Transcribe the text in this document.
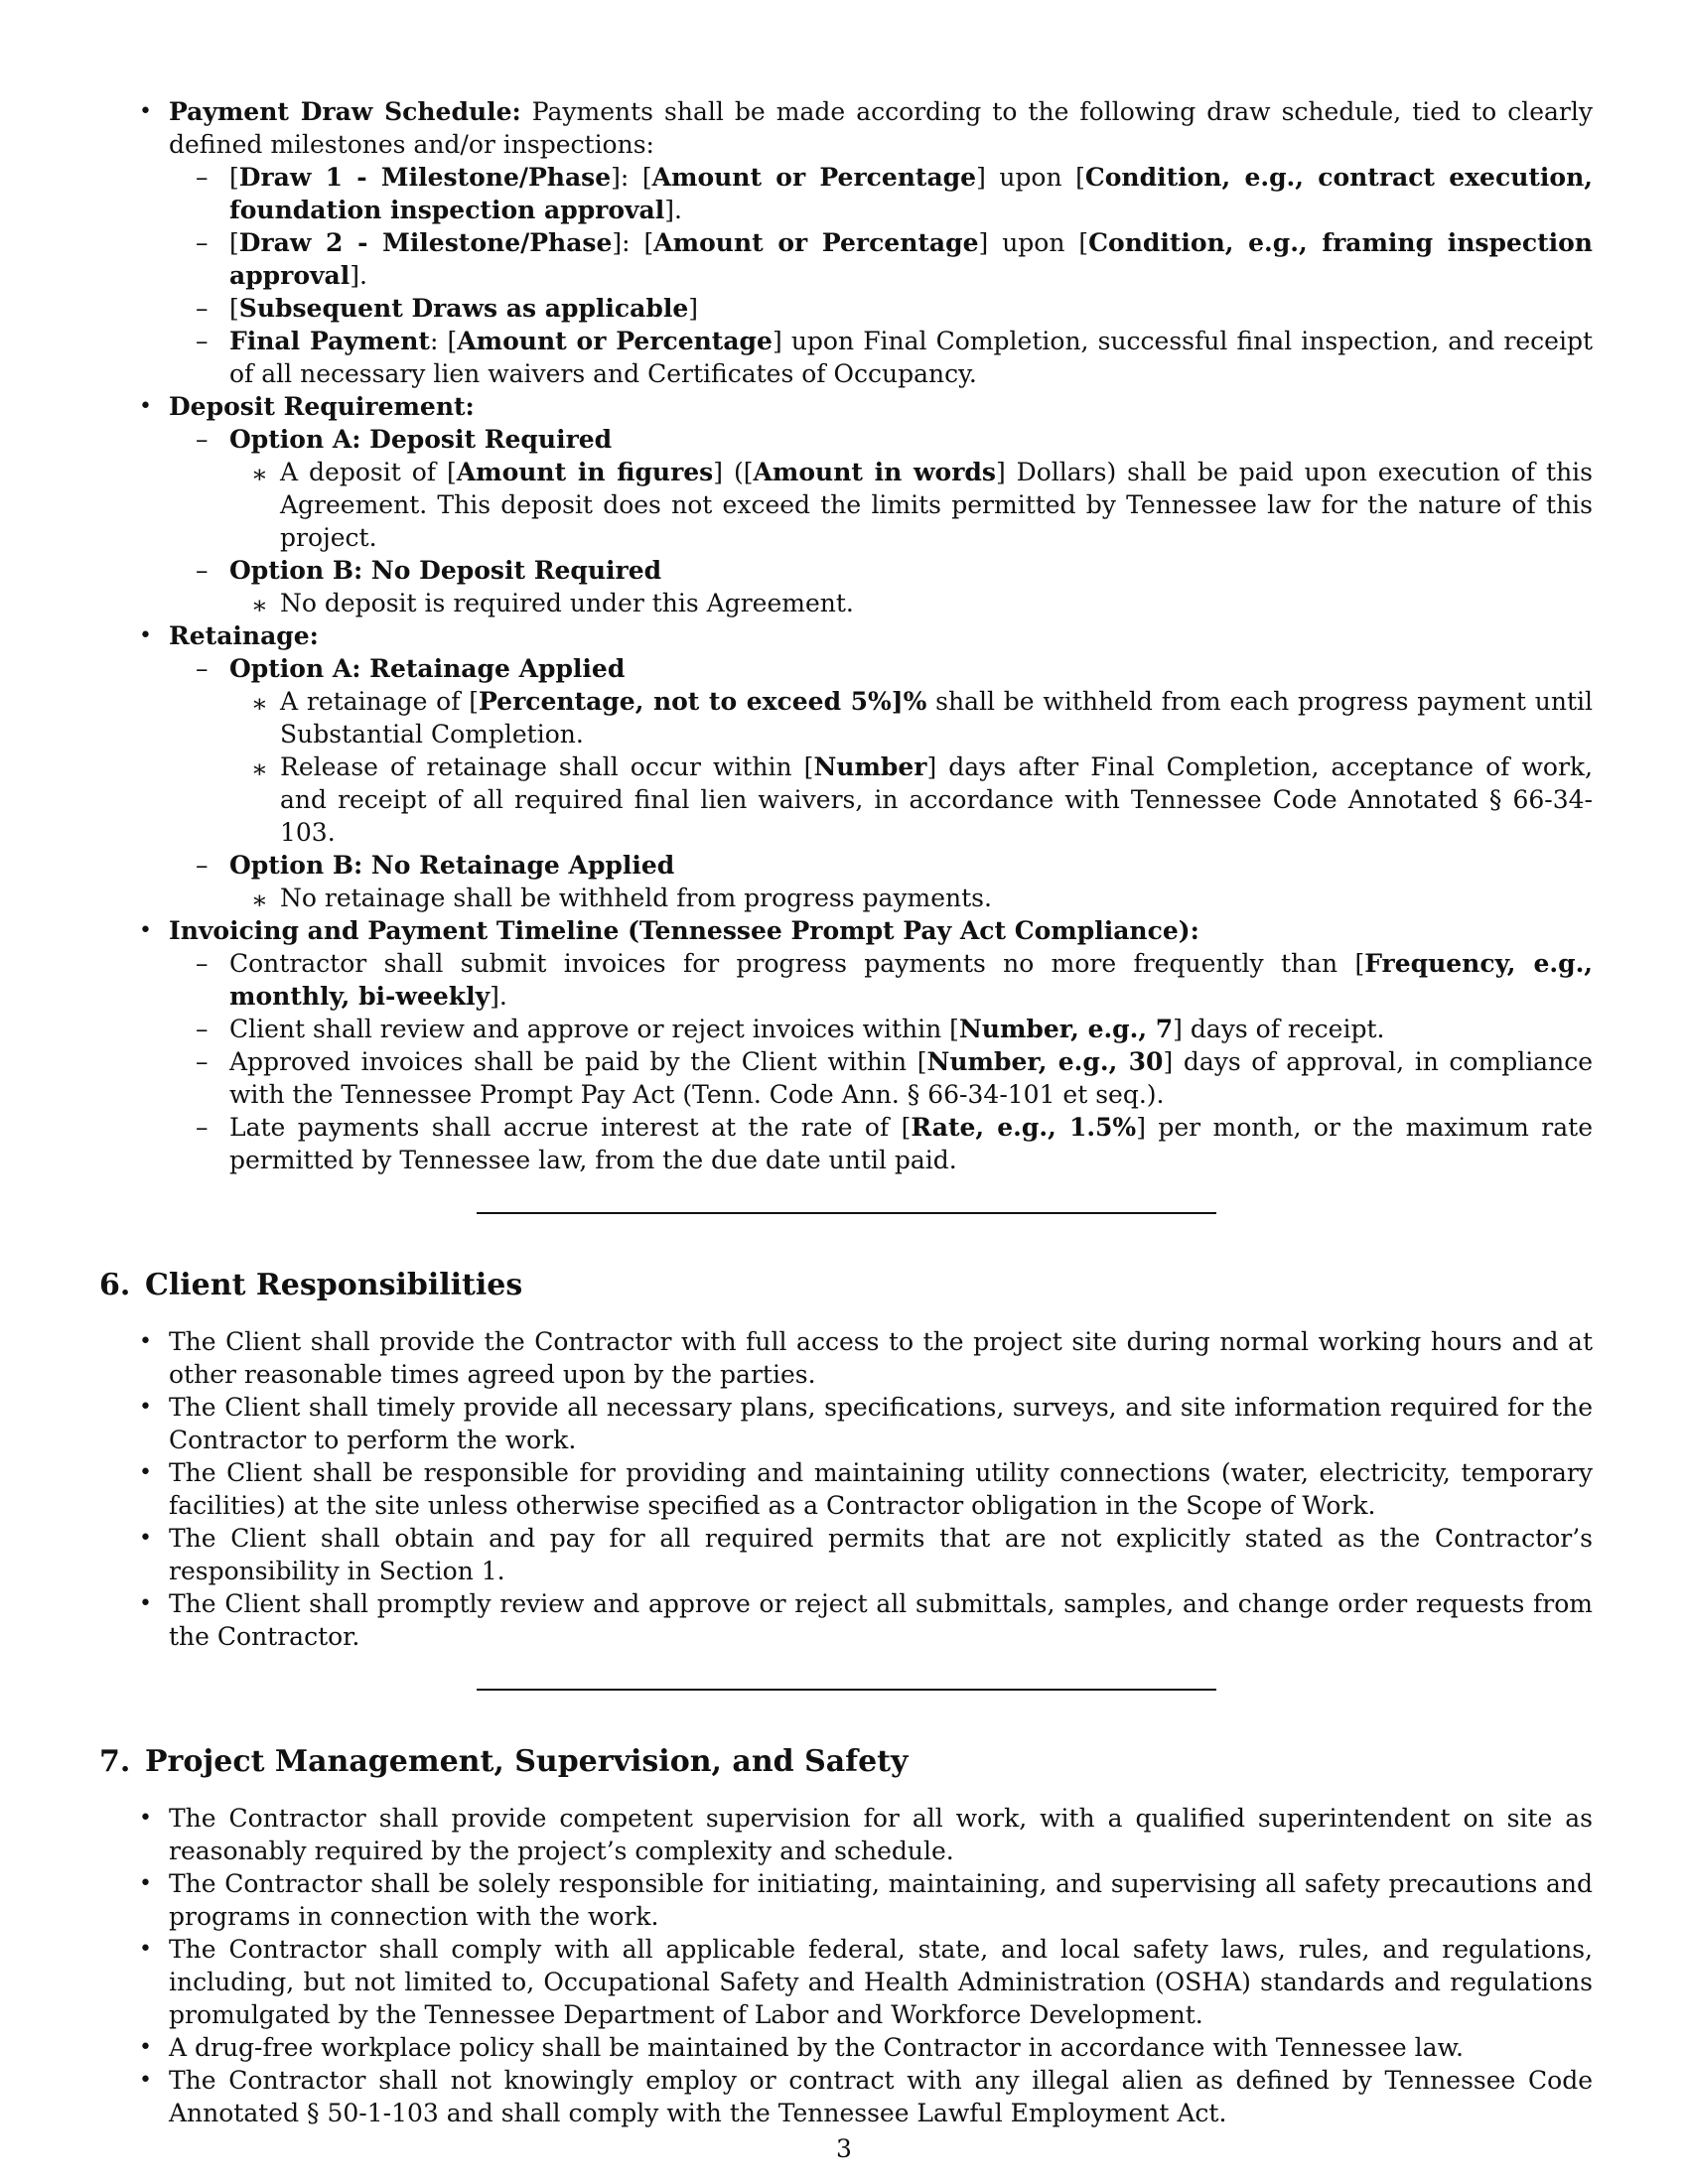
• Payment Draw Schedule: Payments shall be made according to the following draw schedule, tied to clearly defined milestones and/or inspections:
– [Draw 1 - Milestone/Phase]: [Amount or Percentage] upon [Condition, e.g., contract execution, foundation inspection approval].
– [Draw 2 - Milestone/Phase]: [Amount or Percentage] upon [Condition, e.g., framing inspection approval].
– [Subsequent Draws as applicable]
– Final Payment: [Amount or Percentage] upon Final Completion, successful final inspection, and receipt of all necessary lien waivers and Certificates of Occupancy.
• Deposit Requirement:
– Option A: Deposit Required
∗ A deposit of [Amount in figures] ([Amount in words] Dollars) shall be paid upon execution of this Agreement. This deposit does not exceed the limits permitted by Tennessee law for the nature of this project.
– Option B: No Deposit Required
∗ No deposit is required under this Agreement.
• Retainage:
– Option A: Retainage Applied
∗ A retainage of [Percentage, not to exceed 5%]% shall be withheld from each progress payment until Substantial Completion.
∗ Release of retainage shall occur within [Number] days after Final Completion, acceptance of work, and receipt of all required final lien waivers, in accordance with Tennessee Code Annotated § 66-34-103.
– Option B: No Retainage Applied
∗ No retainage shall be withheld from progress payments.
• Invoicing and Payment Timeline (Tennessee Prompt Pay Act Compliance):
– Contractor shall submit invoices for progress payments no more frequently than [Frequency, e.g., monthly, bi-weekly].
– Client shall review and approve or reject invoices within [Number, e.g., 7] days of receipt.
– Approved invoices shall be paid by the Client within [Number, e.g., 30] days of approval, in compliance with the Tennessee Prompt Pay Act (Tenn. Code Ann. § 66-34-101 et seq.).
– Late payments shall accrue interest at the rate of [Rate, e.g., 1.5%] per month, or the maximum rate permitted by Tennessee law, from the due date until paid.
6. Client Responsibilities
• The Client shall provide the Contractor with full access to the project site during normal working hours and at other reasonable times agreed upon by the parties.
• The Client shall timely provide all necessary plans, specifications, surveys, and site information required for the Contractor to perform the work.
• The Client shall be responsible for providing and maintaining utility connections (water, electricity, temporary facilities) at the site unless otherwise specified as a Contractor obligation in the Scope of Work.
• The Client shall obtain and pay for all required permits that are not explicitly stated as the Contractor’s responsibility in Section 1.
• The Client shall promptly review and approve or reject all submittals, samples, and change order requests from the Contractor.
7. Project Management, Supervision, and Safety
• The Contractor shall provide competent supervision for all work, with a qualified superintendent on site as reasonably required by the project’s complexity and schedule.
• The Contractor shall be solely responsible for initiating, maintaining, and supervising all safety precautions and programs in connection with the work.
• The Contractor shall comply with all applicable federal, state, and local safety laws, rules, and regulations, including, but not limited to, Occupational Safety and Health Administration (OSHA) standards and regulations promulgated by the Tennessee Department of Labor and Workforce Development.
• A drug-free workplace policy shall be maintained by the Contractor in accordance with Tennessee law.
• The Contractor shall not knowingly employ or contract with any illegal alien as defined by Tennessee Code Annotated § 50-1-103 and shall comply with the Tennessee Lawful Employment Act.
3
